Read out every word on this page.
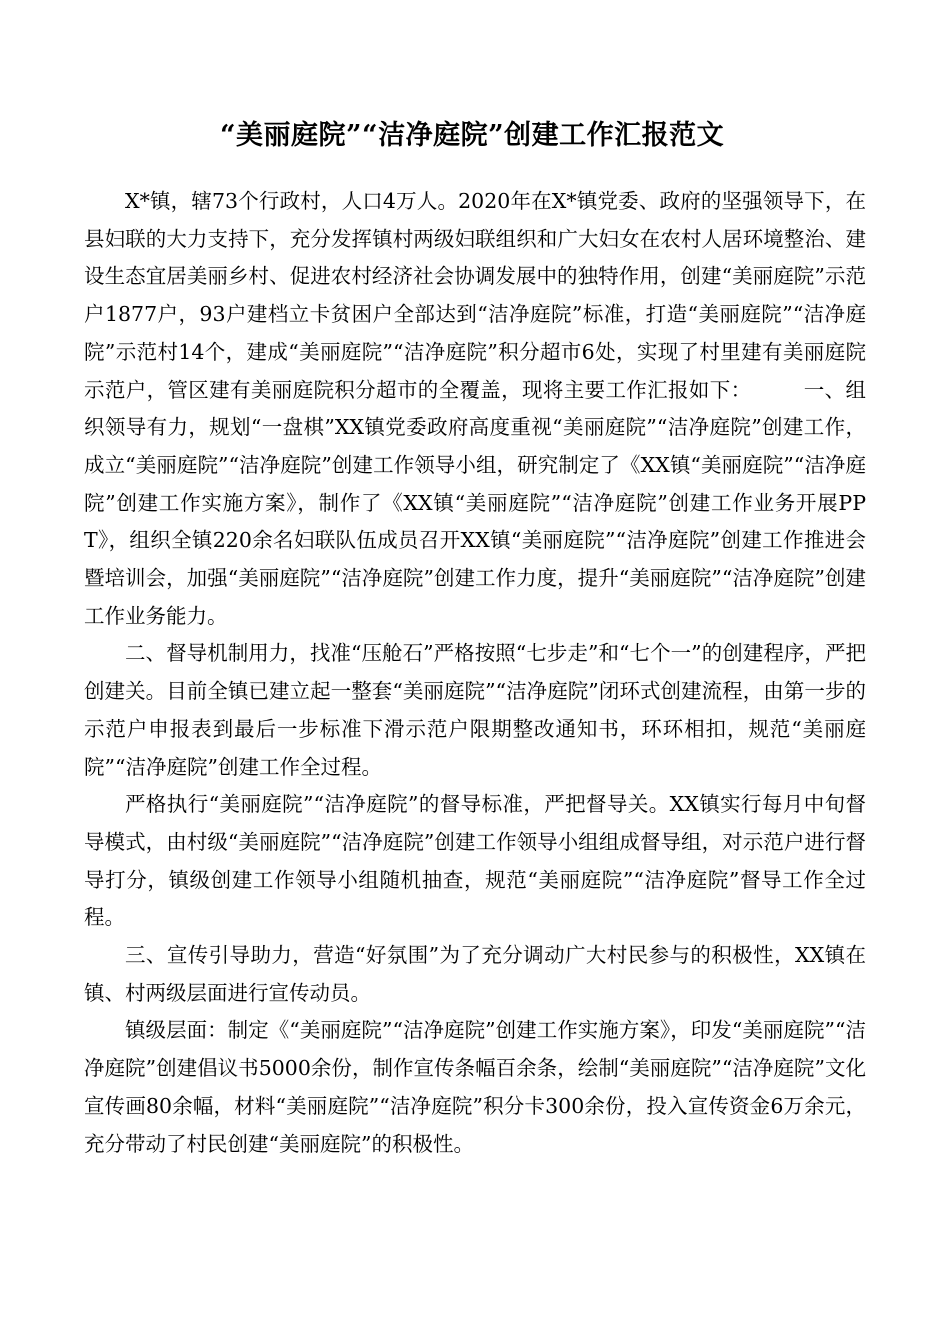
“美丽庭院”“洁净庭院”创建工作汇报范文

X*镇，辖73个行政村，人口4万人。2020年在X*镇党委、政府的坚强领导下，在县妇联的大力支持下，充分发挥镇村两级妇联组织和广大妇女在农村人居环境整治、建设生态宜居美丽乡村、促进农村经济社会协调发展中的独特作用，创建“美丽庭院”示范户1877户，93户建档立卡贫困户全部达到“洁净庭院”标准，打造“美丽庭院”“洁净庭院”示范村14个，建成“美丽庭院”“洁净庭院”积分超市6处，实现了村里建有美丽庭院示范户，管区建有美丽庭院积分超市的全覆盖，现将主要工作汇报如下：　　　一、组织领导有力，规划“一盘棋”XX镇党委政府高度重视“美丽庭院”“洁净庭院”创建工作，成立“美丽庭院”“洁净庭院”创建工作领导小组，研究制定了《XX镇“美丽庭院”“洁净庭院”创建工作实施方案》，制作了《XX镇“美丽庭院”“洁净庭院”创建工作业务开展PPT》，组织全镇220余名妇联队伍成员召开XX镇“美丽庭院”“洁净庭院”创建工作推进会暨培训会，加强“美丽庭院”“洁净庭院”创建工作力度，提升“美丽庭院”“洁净庭院”创建工作业务能力。

二、督导机制用力，找准“压舱石”严格按照“七步走”和“七个一”的创建程序，严把创建关。目前全镇已建立起一整套“美丽庭院”“洁净庭院”闭环式创建流程，由第一步的示范户申报表到最后一步标准下滑示范户限期整改通知书，环环相扣，规范“美丽庭院”“洁净庭院”创建工作全过程。

严格执行“美丽庭院”“洁净庭院”的督导标准，严把督导关。XX镇实行每月中旬督导模式，由村级“美丽庭院”“洁净庭院”创建工作领导小组组成督导组，对示范户进行督导打分，镇级创建工作领导小组随机抽查，规范“美丽庭院”“洁净庭院”督导工作全过程。

三、宣传引导助力，营造“好氛围”为了充分调动广大村民参与的积极性，XX镇在镇、村两级层面进行宣传动员。

镇级层面：制定《“美丽庭院”“洁净庭院”创建工作实施方案》，印发“美丽庭院”“洁净庭院”创建倡议书5000余份，制作宣传条幅百余条，绘制“美丽庭院”“洁净庭院”文化宣传画80余幅，材料“美丽庭院”“洁净庭院”积分卡300余份，投入宣传资金6万余元，充分带动了村民创建“美丽庭院”的积极性。
